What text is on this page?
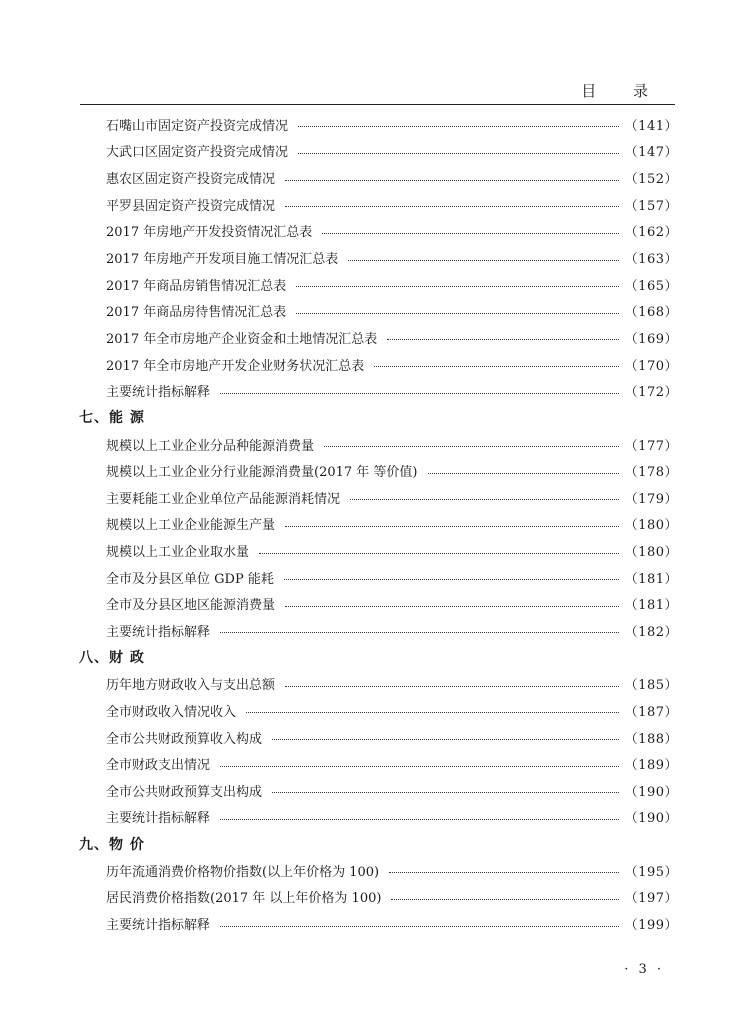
目 录
石嘴山市固定资产投资完成情况	（141）
大武口区固定资产投资完成情况	（147）
惠农区固定资产投资完成情况	（152）
平罗县固定资产投资完成情况	（157）
2017 年房地产开发投资情况汇总表	（162）
2017 年房地产开发项目施工情况汇总表	（163）
2017 年商品房销售情况汇总表	（165）
2017 年商品房待售情况汇总表	（168）
2017 年全市房地产企业资金和土地情况汇总表	（169）
2017 年全市房地产开发企业财务状况汇总表	（170）
主要统计指标解释	（172）
七、能 源
规模以上工业企业分品种能源消费量	（177）
规模以上工业企业分行业能源消费量(2017 年 等价值)	（178）
主要耗能工业企业单位产品能源消耗情况	（179）
规模以上工业企业能源生产量	（180）
规模以上工业企业取水量	（180）
全市及分县区单位 GDP 能耗	（181）
全市及分县区地区能源消费量	（181）
主要统计指标解释	（182）
八、财 政
历年地方财政收入与支出总额	（185）
全市财政收入情况收入	（187）
全市公共财政预算收入构成	（188）
全市财政支出情况	（189）
全市公共财政预算支出构成	（190）
主要统计指标解释	（190）
九、物 价
历年流通消费价格物价指数(以上年价格为 100)	（195）
居民消费价格指数(2017 年 以上年价格为 100)	（197）
主要统计指标解释	（199）
· 3 ·
